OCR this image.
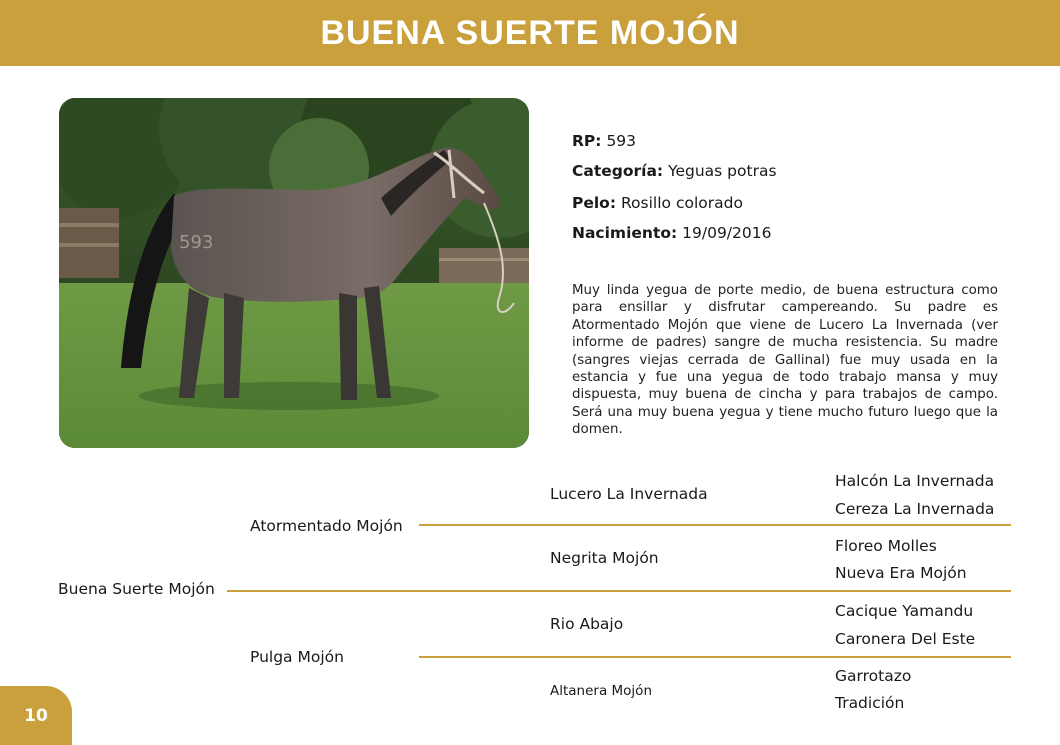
BUENA SUERTE MOJÓN
593

RP: 593

Categoría: Yeguas potras

Pelo: Rosillo colorado

Nacimiento: 19/09/2016

Muy linda yegua de porte medio, de buena estructura como para ensillar y disfrutar campereando. Su padre es Atormentado Mojón que viene de Lucero La Invernada (ver informe de padres) sangre de mucha resistencia. Su madre (sangres viejas cerrada de Gallinal) fue muy usada en la estancia y fue una yegua de todo trabajo mansa y muy dispuesta, muy buena de cincha y para trabajos de campo. Será una muy buena yegua y tiene mucho futuro luego que la domen.
Buena Suerte Mojón
Atormentado Mojón
Pulga Mojón
Lucero La Invernada
Negrita Mojón
Rio Abajo
Altanera Mojón
Halcón La Invernada
Cereza La Invernada
Floreo Molles
Nueva Era Mojón
Cacique Yamandu
Caronera Del Este
Garrotazo
Tradición
10
